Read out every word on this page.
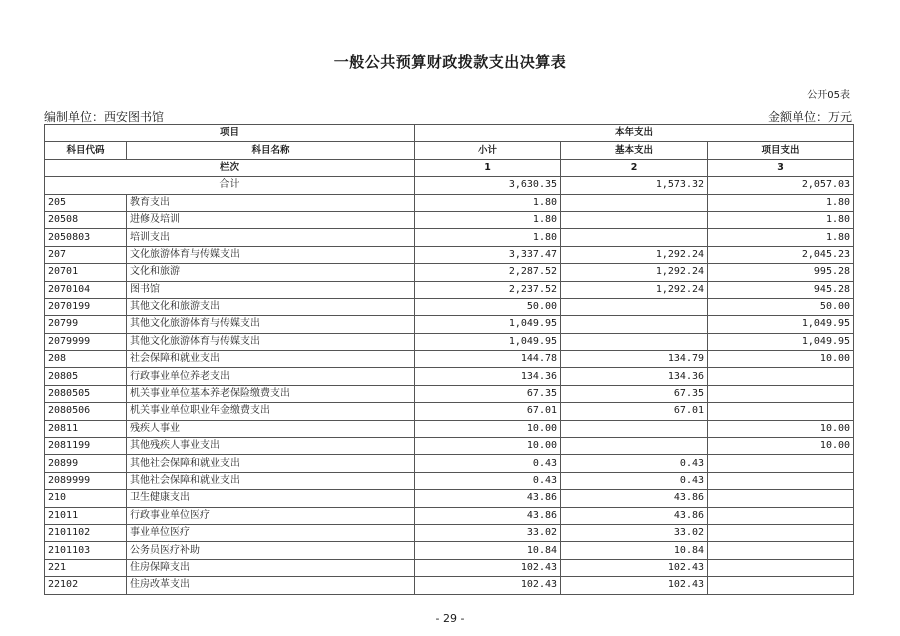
一般公共预算财政拨款支出决算表
公开05表
编制单位：西安图书馆	金额单位：万元
项目		本年支出		
科目代码	科目名称	小计	基本支出	项目支出
栏次		1	2	3
合计		3,630.35	1,573.32	2,057.03
205	教育支出	1.80		1.80
20508	进修及培训	1.80		1.80
2050803	培训支出	1.80		1.80
207	文化旅游体育与传媒支出	3,337.47	1,292.24	2,045.23
20701	文化和旅游	2,287.52	1,292.24	995.28
2070104	图书馆	2,237.52	1,292.24	945.28
2070199	其他文化和旅游支出	50.00		50.00
20799	其他文化旅游体育与传媒支出	1,049.95		1,049.95
2079999	其他文化旅游体育与传媒支出	1,049.95		1,049.95
208	社会保障和就业支出	144.78	134.79	10.00
20805	行政事业单位养老支出	134.36	134.36	
2080505	机关事业单位基本养老保险缴费支出	67.35	67.35	
2080506	机关事业单位职业年金缴费支出	67.01	67.01	
20811	残疾人事业	10.00		10.00
2081199	其他残疾人事业支出	10.00		10.00
20899	其他社会保障和就业支出	0.43	0.43	
2089999	其他社会保障和就业支出	0.43	0.43	
210	卫生健康支出	43.86	43.86	
21011	行政事业单位医疗	43.86	43.86	
2101102	事业单位医疗	33.02	33.02	
2101103	公务员医疗补助	10.84	10.84	
221	住房保障支出	102.43	102.43	
22102	住房改革支出	102.43	102.43	
- 29 -
